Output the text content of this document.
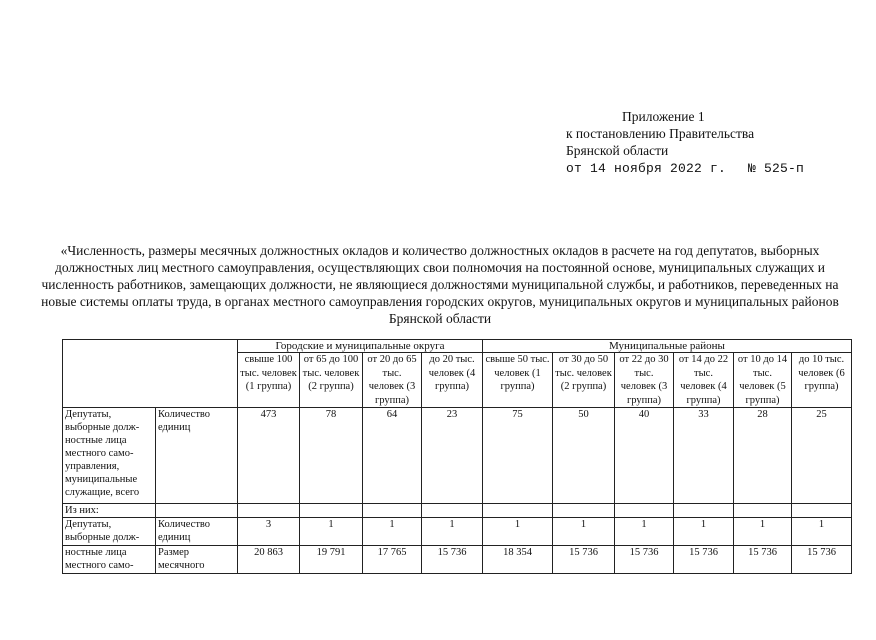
Приложение 1
к постановлению Правительства
Брянской области
от 14 ноября 2022 г. № 525-п
«Численность, размеры месячных должностных окладов и количество должностных окладов в расчете на год депутатов, выборных должностных лиц местного самоуправления, осуществляющих свои полномочия на постоянной основе, муниципальных служащих и численность работников, замещающих должности, не являющиеся должностями муниципальной службы, и работников, переведенных на новые системы оплаты труда, в органах местного самоуправления городских округов, муниципальных округов и муниципальных районов Брянской области
		Городские и муниципальные округа				Муниципальные районы					
		свыше 100 тыс. человек (1 группа)	от 65 до 100 тыс. человек (2 группа)	от 20 до 65 тыс. человек (3 группа)	до 20 тыс. человек (4 группа)	свыше 50 тыс. человек (1 группа)	от 30 до 50 тыс. человек (2 группа)	от 22 до 30 тыс. человек (3 группа)	от 14 до 22 тыс. человек (4 группа)	от 10 до 14 тыс. человек (5 группа)	до 10 тыс. человек (6 группа)
Депутаты, выборные долж-ностные лица местного само-управления, муниципальные служащие, всего	Количество единиц	473	78	64	23	75	50	40	33	28	25
Из них:											
Депутаты, выборные долж-	Количество единиц	3	1	1	1	1	1	1	1	1	1
ностные лица местного само-	Размер месячного	20 863	19 791	17 765	15 736	18 354	15 736	15 736	15 736	15 736	15 736
